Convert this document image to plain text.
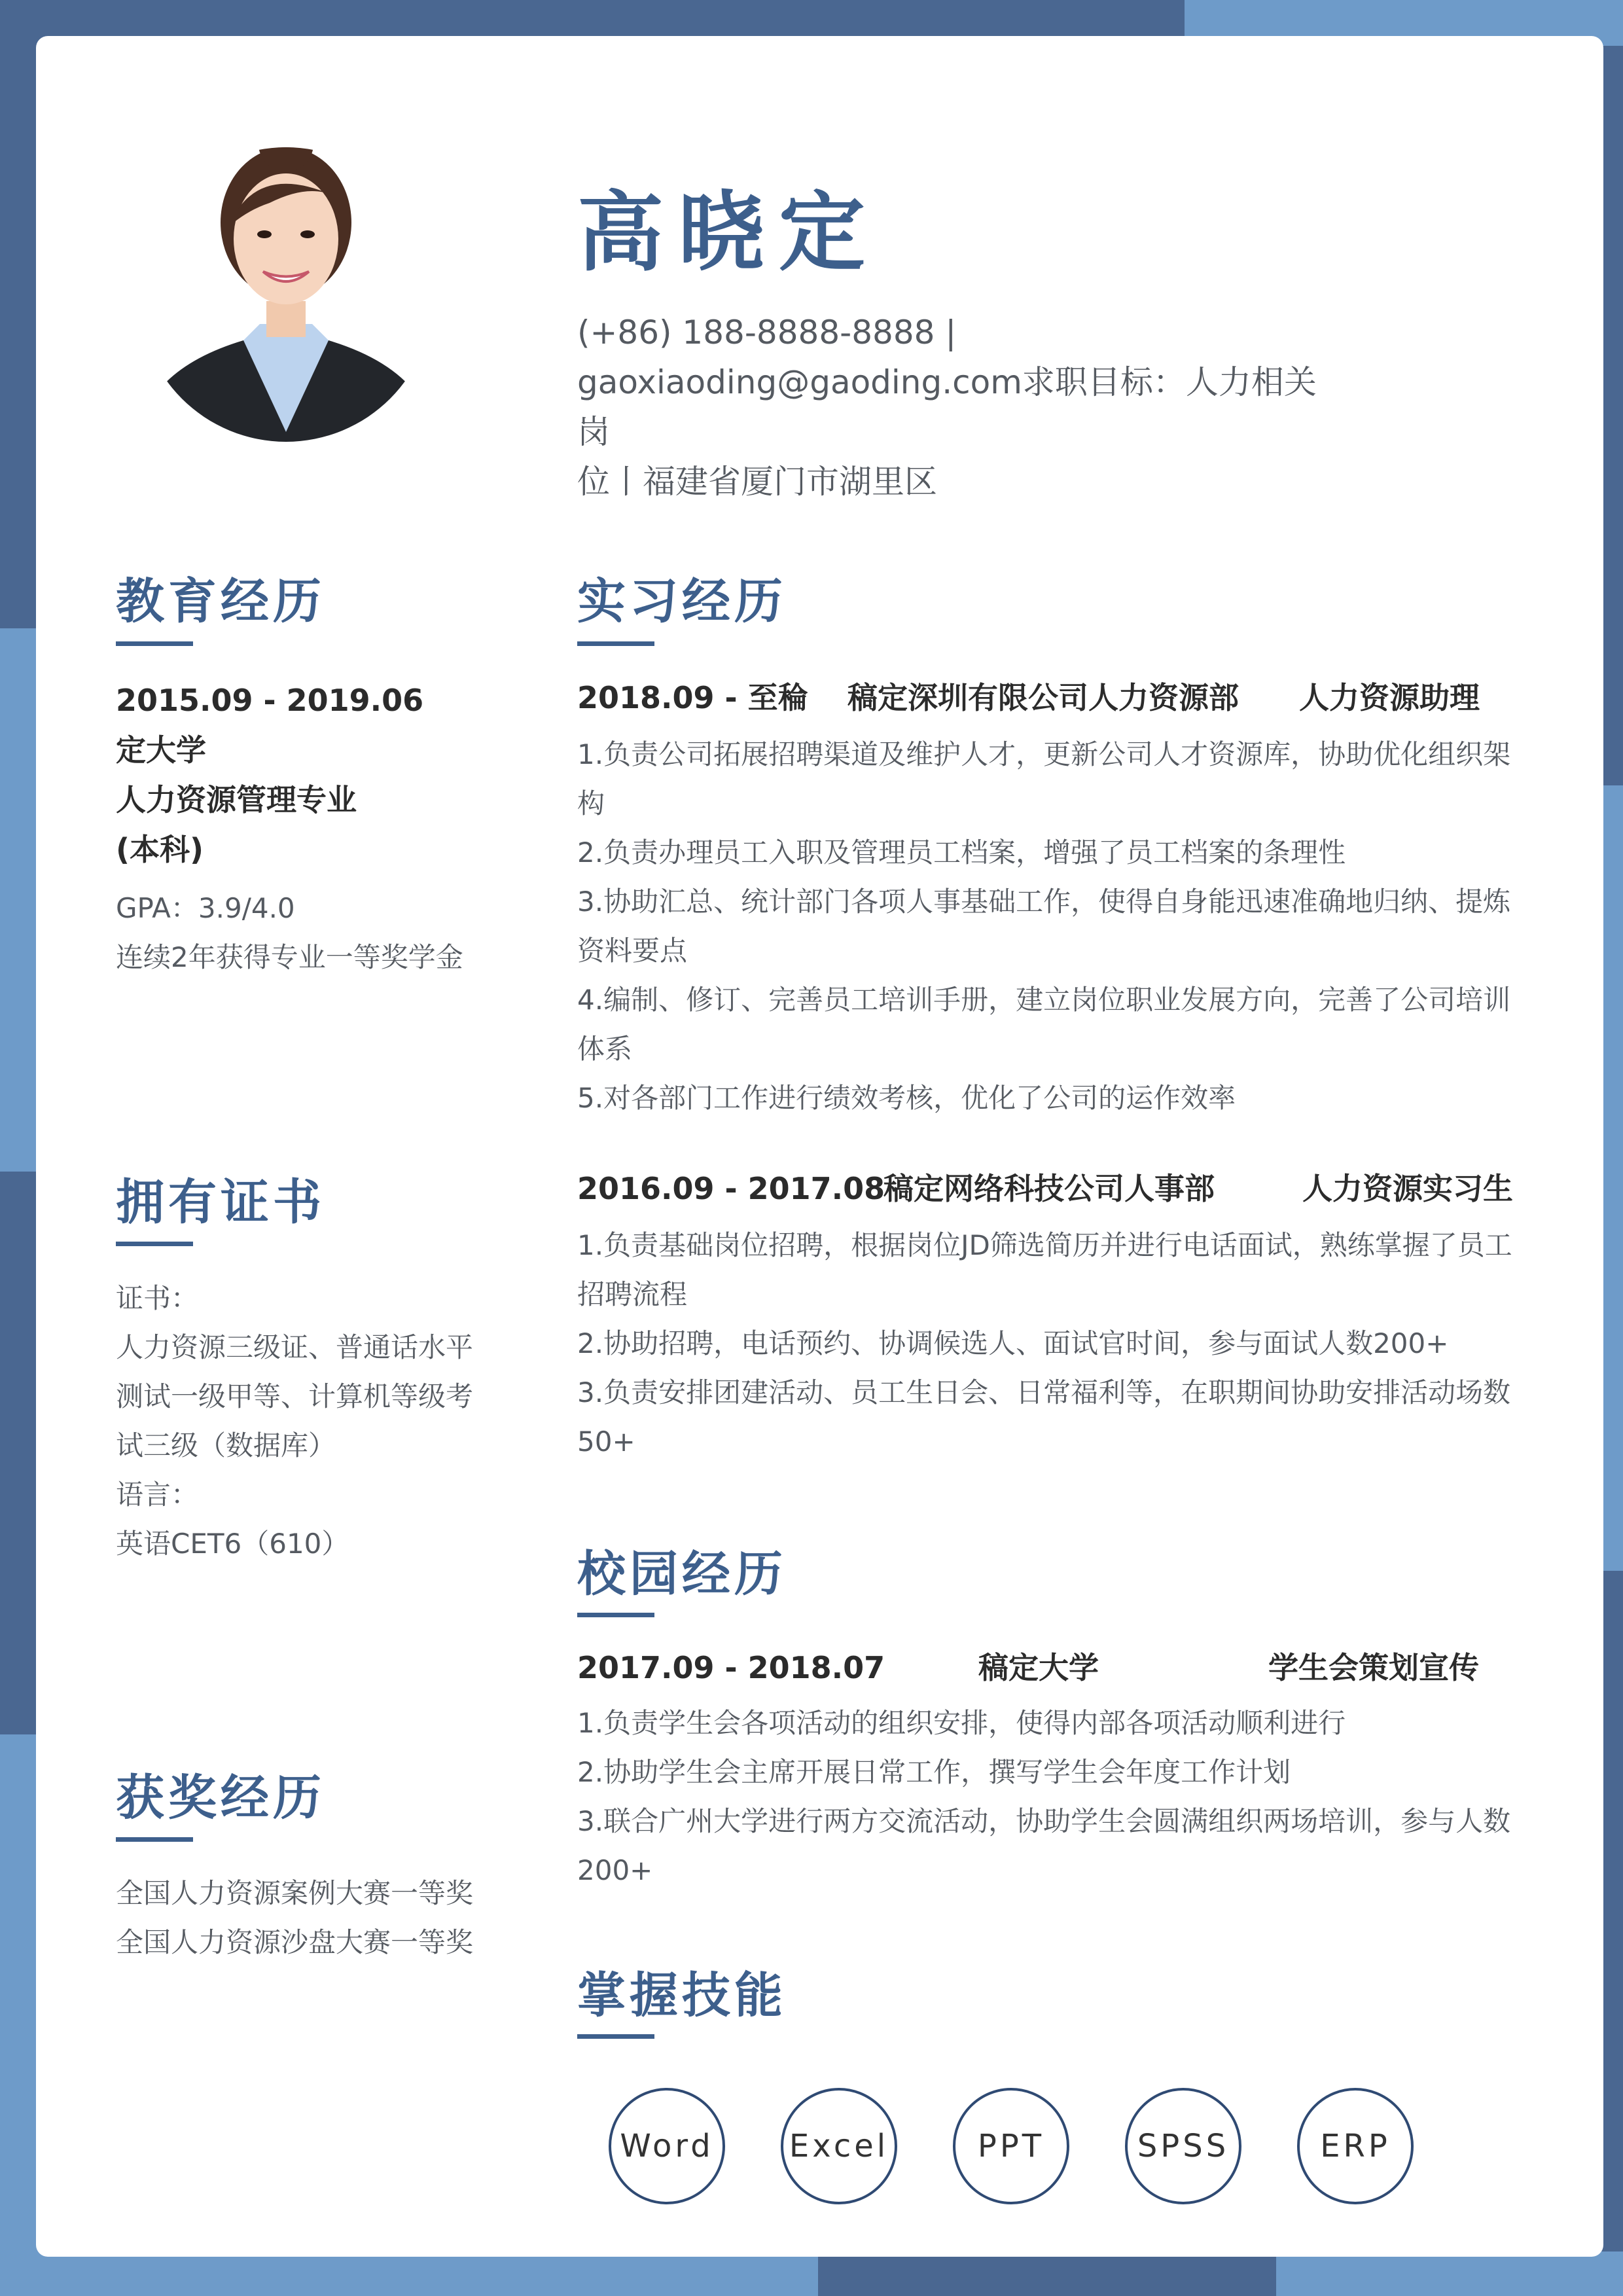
高晓定
(+86) 188-8888-8888 |
gaoxiaoding@gaoding.com求职目标：人力相关岗
位丨福建省厦门市湖里区
教育经历
2015.09 - 2019.06
定大学
人力资源管理专业
(本科)
GPA：3.9/4.0
连续2年获得专业一等奖学金
拥有证书
证书：
人力资源三级证、普通话水平
测试一级甲等、计算机等级考
试三级（数据库）
语言：
英语CET6（610）
获奖经历
全国人力资源案例大赛一等奖
全国人力资源沙盘大赛一等奖
实习经历
2018.09 - 至稐 稿定深圳有限公司人力资源部 人力资源助理
1.负责公司拓展招聘渠道及维护人才，更新公司人才资源库，协助优化组织架
构
2.负责办理员工入职及管理员工档案，增强了员工档案的条理性
3.协助汇总、统计部门各项人事基础工作，使得自身能迅速准确地归纳、提炼
资料要点
4.编制、修订、完善员工培训手册，建立岗位职业发展方向，完善了公司培训
体系
5.对各部门工作进行绩效考核，优化了公司的运作效率
2016.09 - 2017.08
稿定网络科技公司人事部	人力资源实习生
1.负责基础岗位招聘，根据岗位JD筛选简历并进行电话面试，熟练掌握了员工
招聘流程
2.协助招聘，电话预约、协调候选人、面试官时间，参与面试人数200+
3.负责安排团建活动、员工生日会、日常福利等，在职期间协助安排活动场数
50+
校园经历
2017.09 - 2018.07	稿定大学	学生会策划宣传
1.负责学生会各项活动的组织安排，使得内部各项活动顺利进行
2.协助学生会主席开展日常工作，撰写学生会年度工作计划
3.联合广州大学进行两方交流活动，协助学生会圆满组织两场培训，参与人数
200+
掌握技能
Word	Excel	PPT	SPSS	ERP
